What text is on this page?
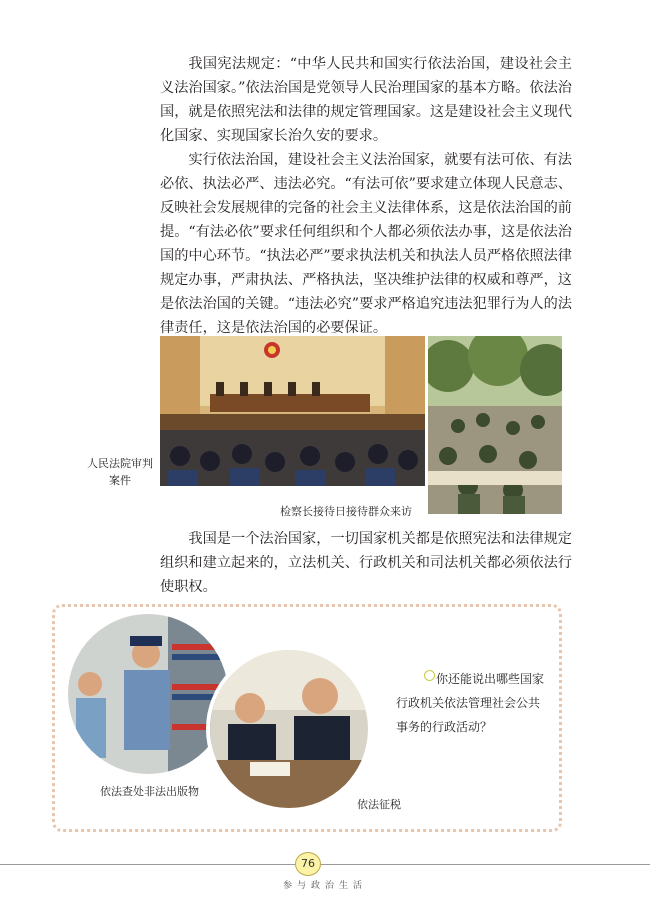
我国宪法规定：“中华人民共和国实行依法治国，建设社会主义法治国家。”依法治国是党领导人民治理国家的基本方略。依法治国，就是依照宪法和法律的规定管理国家。这是建设社会主义现代化国家、实现国家长治久安的要求。

实行依法治国，建设社会主义法治国家，就要有法可依、有法必依、执法必严、违法必究。“有法可依”要求建立体现人民意志、反映社会发展规律的完备的社会主义法律体系，这是依法治国的前提。“有法必依”要求任何组织和个人都必须依法办事，这是依法治国的中心环节。“执法必严”要求执法机关和执法人员严格依照法律规定办事，严肃执法、严格执法，坚决维护法律的权威和尊严，这是依法治国的关键。“违法必究”要求严格追究违法犯罪行为人的法律责任，这是依法治国的必要保证。

人民法院审判案件
检察长接待日接待群众来访

我国是一个法治国家，一切国家机关都是依照宪法和法律规定组织和建立起来的，立法机关、行政机关和司法机关都必须依法行使职权。

依法查处非法出版物
依法征税

你还能说出哪些国家行政机关依法管理社会公共事务的行政活动？

76
参与政治生活
